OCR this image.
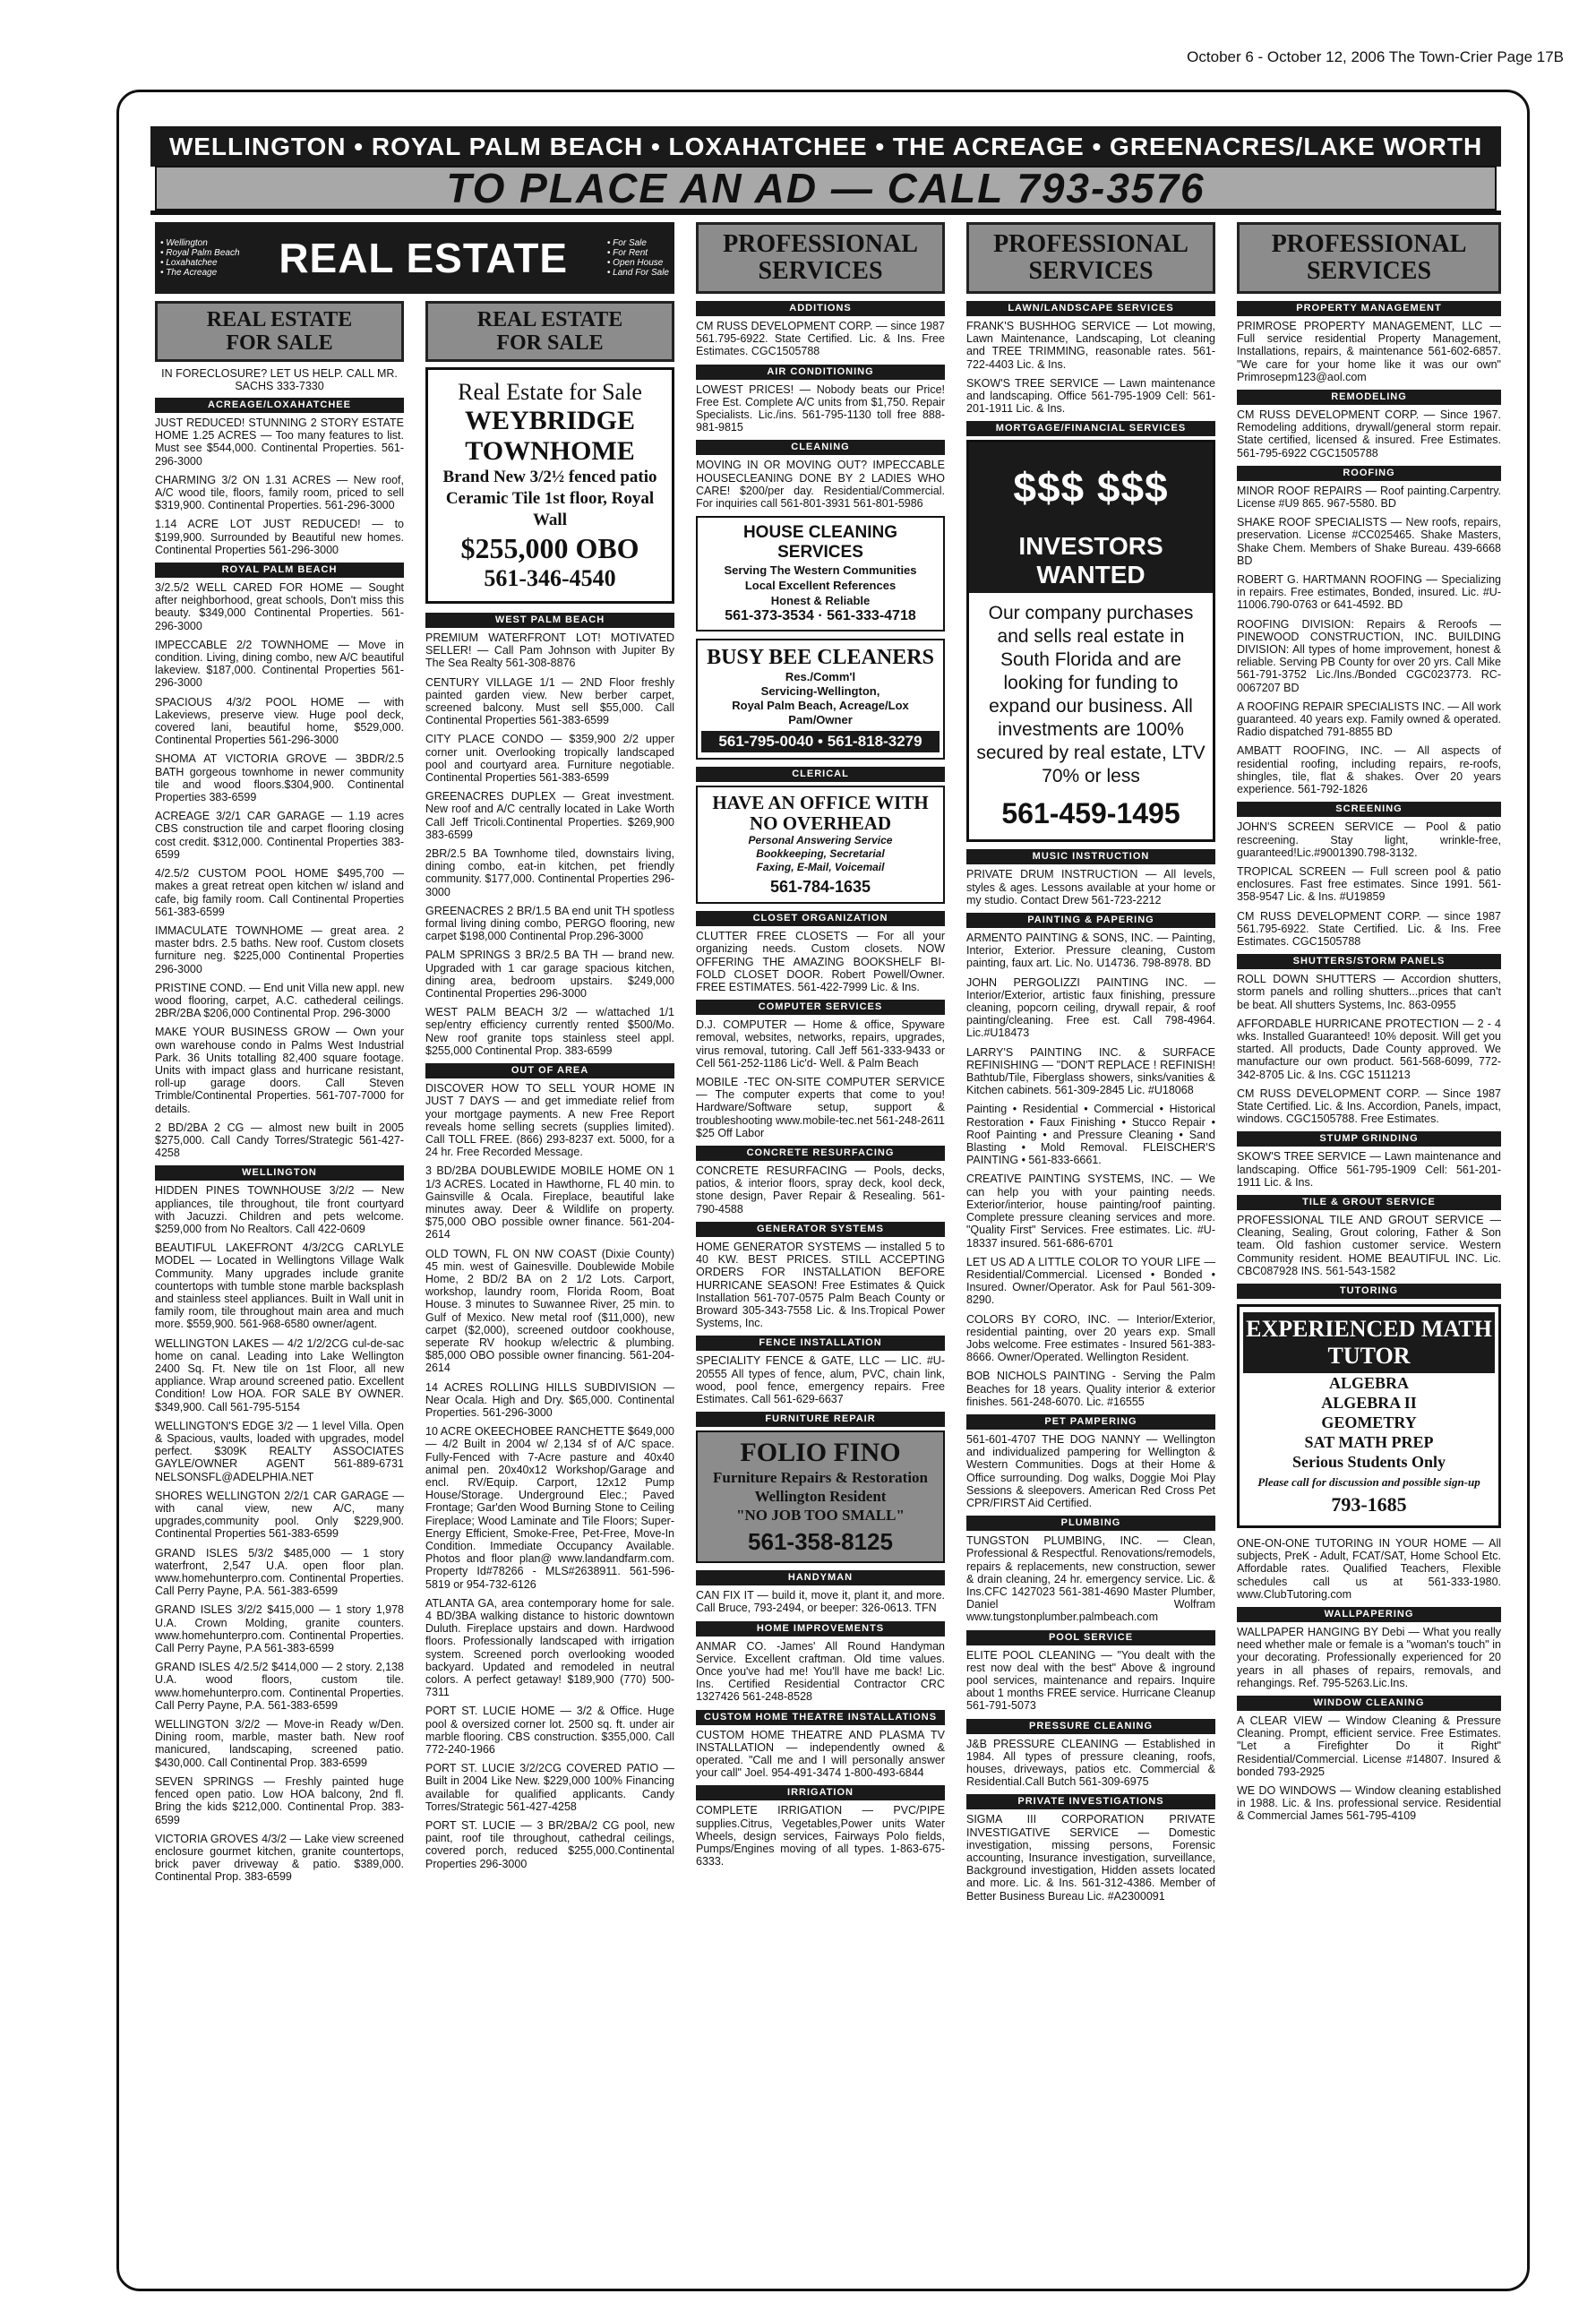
October 6 - October 12, 2006 The Town-Crier Page 17B
WELLINGTON • ROYAL PALM BEACH • LOXAHATCHEE • THE ACREAGE • GREENACRES/LAKE WORTH
TO PLACE AN AD — CALL 793-3576
• Wellington
• Royal Palm Beach
• Loxahatchee
• The Acreage	REAL ESTATE	• For Sale
• For Rent
• Open House
• Land For Sale
REAL ESTATE
FOR SALE
IN FORECLOSURE? LET US HELP. CALL MR. SACHS 333-7330
ACREAGE/LOXAHATCHEE
JUST REDUCED! STUNNING 2 STORY ESTATE HOME 1.25 ACRES — Too many features to list. Must see $544,000. Continental Properties. 561-296-3000
CHARMING 3/2 ON 1.31 ACRES — New roof, A/C wood tile, floors, family room, priced to sell $319,900. Continental Properties. 561-296-3000
1.14 ACRE LOT JUST REDUCED! — to $199,900. Surrounded by Beautiful new homes. Continental Properties 561-296-3000
ROYAL PALM BEACH
3/2.5/2 WELL CARED FOR HOME — Sought after neighborhood, great schools, Don't miss this beauty. $349,000 Continental Properties. 561-296-3000
IMPECCABLE 2/2 TOWNHOME — Move in condition. Living, dining combo, new A/C beautiful lakeview. $187,000. Continental Properties 561-296-3000
SPACIOUS 4/3/2 POOL HOME — with Lakeviews, preserve view. Huge pool deck, covered lani, beautiful home, $529,000. Continental Properties 561-296-3000
SHOMA AT VICTORIA GROVE — 3BDR/2.5 BATH gorgeous townhome in newer community tile and wood floors.$304,900. Continental Properties 383-6599
ACREAGE 3/2/1 CAR GARAGE — 1.19 acres CBS construction tile and carpet flooring closing cost credit. $312,000. Continental Properties 383-6599
4/2.5/2 CUSTOM POOL HOME $495,700 — makes a great retreat open kitchen w/ island and cafe, big family room. Call Continental Properties 561-383-6599
IMMACULATE TOWNHOME — great area. 2 master bdrs. 2.5 baths. New roof. Custom closets furniture neg. $225,000 Continental Properties 296-3000
PRISTINE COND. — End unit Villa new appl. new wood flooring, carpet, A.C. cathederal ceilings. 2BR/2BA $206,000 Continental Prop. 296-3000
MAKE YOUR BUSINESS GROW — Own your own warehouse condo in Palms West Industrial Park. 36 Units totalling 82,400 square footage. Units with impact glass and hurricane resistant, roll-up garage doors. Call Steven Trimble/Continental Properties. 561-707-7000 for details.
2 BD/2BA 2 CG — almost new built in 2005 $275,000. Call Candy Torres/Strategic 561-427-4258
WELLINGTON
HIDDEN PINES TOWNHOUSE 3/2/2 — New appliances, tile throughout, tile front courtyard with Jacuzzi. Children and pets welcome. $259,000 from No Realtors. Call 422-0609
BEAUTIFUL LAKEFRONT 4/3/2CG CARLYLE MODEL — Located in Wellingtons Village Walk Community. Many upgrades include granite countertops with tumble stone marble backsplash and stainless steel appliances. Built in Wall unit in family room, tile throughout main area and much more. $559,900. 561-968-6580 owner/agent.
WELLINGTON LAKES — 4/2 1/2/2CG cul-de-sac home on canal. Leading into Lake Wellington 2400 Sq. Ft. New tile on 1st Floor, all new appliance. Wrap around screened patio. Excellent Condition! Low HOA. FOR SALE BY OWNER. $349,900. Call 561-795-5154
WELLINGTON'S EDGE 3/2 — 1 level Villa. Open & Spacious, vaults, loaded with upgrades, model perfect. $309K REALTY ASSOCIATES GAYLE/OWNER AGENT 561-889-6731 NELSONSFL@ADELPHIA.NET
SHORES WELLINGTON 2/2/1 CAR GARAGE — with canal view, new A/C, many upgrades,community pool. Only $229,900. Continental Properties 561-383-6599
GRAND ISLES 5/3/2 $485,000 — 1 story waterfront, 2,547 U.A. open floor plan. www.homehunterpro.com. Continental Properties. Call Perry Payne, P.A. 561-383-6599
GRAND ISLES 3/2/2 $415,000 — 1 story 1,978 U.A. Crown Molding, granite counters. www.homehunterpro.com. Continental Properties. Call Perry Payne, P.A 561-383-6599
GRAND ISLES 4/2.5/2 $414,000 — 2 story. 2,138 U.A. wood floors, custom tile. www.homehunterpro.com. Continental Properties. Call Perry Payne, P.A. 561-383-6599
WELLINGTON 3/2/2 — Move-in Ready w/Den. Dining room, marble, master bath. New roof manicured, landscaping, screened patio. $430,000. Call Continental Prop. 383-6599
SEVEN SPRINGS — Freshly painted huge fenced open patio. Low HOA balcony, 2nd fl. Bring the kids $212,000. Continental Prop. 383-6599
VICTORIA GROVES 4/3/2 — Lake view screened enclosure gourmet kitchen, granite countertops, brick paver driveway & patio. $389,000. Continental Prop. 383-6599
REAL ESTATE
FOR SALE
Real Estate for Sale
WEYBRIDGE TOWNHOME
Brand New 3/2½ fenced patio
Ceramic Tile 1st floor, Royal Wall
$255,000 OBO
561-346-4540
WEST PALM BEACH
PREMIUM WATERFRONT LOT! MOTIVATED SELLER! — Call Pam Johnson with Jupiter By The Sea Realty 561-308-8876
CENTURY VILLAGE 1/1 — 2ND Floor freshly painted garden view. New berber carpet, screened balcony. Must sell $55,000. Call Continental Properties 561-383-6599
CITY PLACE CONDO — $359,900 2/2 upper corner unit. Overlooking tropically landscaped pool and courtyard area. Furniture negotiable. Continental Properties 561-383-6599
GREENACRES DUPLEX — Great investment. New roof and A/C centrally located in Lake Worth Call Jeff Tricoli.Continental Properties. $269,900 383-6599
2BR/2.5 BA Townhome tiled, downstairs living, dining combo, eat-in kitchen, pet friendly community. $177,000. Continental Properties 296-3000
GREENACRES 2 BR/1.5 BA end unit TH spotless formal living dining combo, PERGO flooring, new carpet $198,000 Continental Prop.296-3000
PALM SPRINGS 3 BR/2.5 BA TH — brand new. Upgraded with 1 car garage spacious kitchen, dining area, bedroom upstairs. $249,000 Continental Properties 296-3000
WEST PALM BEACH 3/2 — w/attached 1/1 sep/entry efficiency currently rented $500/Mo. New roof granite tops stainless steel appl. $255,000 Continental Prop. 383-6599
OUT OF AREA
DISCOVER HOW TO SELL YOUR HOME IN JUST 7 DAYS — and get immediate relief from your mortgage payments. A new Free Report reveals home selling secrets (supplies limited). Call TOLL FREE. (866) 293-8237 ext. 5000, for a 24 hr. Free Recorded Message.
3 BD/2BA DOUBLEWIDE MOBILE HOME ON 1 1/3 ACRES. Located in Hawthorne, FL 40 min. to Gainsville & Ocala. Fireplace, beautiful lake minutes away. Deer & Wildlife on property. $75,000 OBO possible owner finance. 561-204-2614
OLD TOWN, FL ON NW COAST (Dixie County) 45 min. west of Gainesville. Doublewide Mobile Home, 2 BD/2 BA on 2 1/2 Lots. Carport, workshop, laundry room, Florida Room, Boat House. 3 minutes to Suwannee River, 25 min. to Gulf of Mexico. New metal roof ($11,000), new carpet ($2,000), screened outdoor cookhouse, seperate RV hookup w/electric & plumbing. $85,000 OBO possible owner financing. 561-204-2614
14 ACRES ROLLING HILLS SUBDIVISION — Near Ocala. High and Dry. $65,000. Continental Properties. 561-296-3000
10 ACRE OKEECHOBEE RANCHETTE $649,000 — 4/2 Built in 2004 w/ 2,134 sf of A/C space. Fully-Fenced with 7-Acre pasture and 40x40 animal pen. 20x40x12 Workshop/Garage and encl. RV/Equip. Carport, 12x12 Pump House/Storage. Underground Elec.; Paved Frontage; Gar'den Wood Burning Stone to Ceiling Fireplace; Wood Laminate and Tile Floors; Super-Energy Efficient, Smoke-Free, Pet-Free, Move-In Condition. Immediate Occupancy Available. Photos and floor plan@ www.landandfarm.com. Property Id#78266 - MLS#2638911. 561-596-5819 or 954-732-6126
ATLANTA GA, area contemporary home for sale. 4 BD/3BA walking distance to historic downtown Duluth. Fireplace upstairs and down. Hardwood floors. Professionally landscaped with irrigation system. Screened porch overlooking wooded backyard. Updated and remodeled in neutral colors. A perfect getaway! $189,900 (770) 500-7311
PORT ST. LUCIE HOME — 3/2 & Office. Huge pool & oversized corner lot. 2500 sq. ft. under air marble flooring. CBS construction. $355,000. Call 772-240-1966
PORT ST. LUCIE 3/2/2CG COVERED PATIO — Built in 2004 Like New. $229,000 100% Financing available for qualified applicants. Candy Torres/Strategic 561-427-4258
PORT ST. LUCIE — 3 BR/2BA/2 CG pool, new paint, roof tile throughout, cathedral ceilings, covered porch, reduced $255,000.Continental Properties 296-3000
PROFESSIONAL
SERVICES
ADDITIONS
CM RUSS DEVELOPMENT CORP. — since 1987 561.795-6922. State Certified. Lic. & Ins. Free Estimates. CGC1505788
AIR CONDITIONING
LOWEST PRICES! — Nobody beats our Price! Free Est. Complete A/C units from $1,750. Repair Specialists. Lic./ins. 561-795-1130 toll free 888-981-9815
CLEANING
MOVING IN OR MOVING OUT? IMPECCABLE HOUSECLEANING DONE BY 2 LADIES WHO CARE! $200/per day. Residential/Commercial. For inquiries call 561-801-3931 561-801-5986
HOUSE CLEANING SERVICES
Serving The Western Communities
Local Excellent References
Honest & Reliable
561-373-3534 · 561-333-4718
BUSY BEE CLEANERS
Res./Comm'l
Servicing-Wellington,
Royal Palm Beach, Acreage/Lox
Pam/Owner
561-795-0040 • 561-818-3279
CLERICAL
HAVE AN OFFICE WITH NO OVERHEAD
Personal Answering Service
Bookkeeping, Secretarial
Faxing, E-Mail, Voicemail
561-784-1635
CLOSET ORGANIZATION
CLUTTER FREE CLOSETS — For all your organizing needs. Custom closets. NOW OFFERING THE AMAZING BOOKSHELF BI-FOLD CLOSET DOOR. Robert Powell/Owner. FREE ESTIMATES. 561-422-7999 Lic. & Ins.
COMPUTER SERVICES
D.J. COMPUTER — Home & office, Spyware removal, websites, networks, repairs, upgrades, virus removal, tutoring. Call Jeff 561-333-9433 or Cell 561-252-1186 Lic'd- Well. & Palm Beach
MOBILE -TEC ON-SITE COMPUTER SERVICE — The computer experts that come to you! Hardware/Software setup, support & troubleshooting www.mobile-tec.net 561-248-2611 $25 Off Labor
CONCRETE RESURFACING
CONCRETE RESURFACING — Pools, decks, patios, & interior floors, spray deck, kool deck, stone design, Paver Repair & Resealing. 561-790-4588
GENERATOR SYSTEMS
HOME GENERATOR SYSTEMS — installed 5 to 40 KW. BEST PRICES. STILL ACCEPTING ORDERS FOR INSTALLATION BEFORE HURRICANE SEASON! Free Estimates & Quick Installation 561-707-0575 Palm Beach County or Broward 305-343-7558 Lic. & Ins.Tropical Power Systems, Inc.
FENCE INSTALLATION
SPECIALITY FENCE & GATE, LLC — LIC. #U-20555 All types of fence, alum, PVC, chain link, wood, pool fence, emergency repairs. Free Estimates. Call 561-629-6637
FURNITURE REPAIR
FOLIO FINO
Furniture Repairs & Restoration
Wellington Resident
"NO JOB TOO SMALL"
561-358-8125
HANDYMAN
CAN FIX IT — build it, move it, plant it, and more. Call Bruce, 793-2494, or beeper: 326-0613. TFN
HOME IMPROVEMENTS
ANMAR CO. -James' All Round Handyman Service. Excellent craftman. Old time values. Once you've had me! You'll have me back! Lic. Ins. Certified Residential Contractor CRC 1327426 561-248-8528
CUSTOM HOME THEATRE INSTALLATIONS
CUSTOM HOME THEATRE AND PLASMA TV INSTALLATION — independently owned & operated. "Call me and I will personally answer your call" Joel. 954-491-3474 1-800-493-6844
IRRIGATION
COMPLETE IRRIGATION — PVC/PIPE supplies.Citrus, Vegetables,Power units Water Wheels, design services, Fairways Polo fields, Pumps/Engines moving of all types. 1-863-675-6333.
PROFESSIONAL
SERVICES
LAWN/LANDSCAPE SERVICES
FRANK'S BUSHHOG SERVICE — Lot mowing, Lawn Maintenance, Landscaping, Lot cleaning and TREE TRIMMING, reasonable rates. 561-722-4403 Lic. & Ins.
SKOW'S TREE SERVICE — Lawn maintenance and landscaping. Office 561-795-1909 Cell: 561-201-1911 Lic. & Ins.
MORTGAGE/FINANCIAL SERVICES
$$$ $$$
INVESTORS WANTED
Our company purchases and sells real estate in South Florida and are looking for funding to expand our business. All investments are 100% secured by real estate, LTV 70% or less
561-459-1495
MUSIC INSTRUCTION
PRIVATE DRUM INSTRUCTION — All levels, styles & ages. Lessons available at your home or my studio. Contact Drew 561-723-2212
PAINTING & PAPERING
ARMENTO PAINTING & SONS, INC. — Painting, Interior, Exterior. Pressure cleaning, Custom painting, faux art. Lic. No. U14736. 798-8978. BD
JOHN PERGOLIZZI PAINTING INC. — Interior/Exterior, artistic faux finishing, pressure cleaning, popcorn ceiling, drywall repair, & roof painting/cleaning. Free est. Call 798-4964. Lic.#U18473
LARRY'S PAINTING INC. & SURFACE REFINISHING — "DON'T REPLACE ! REFINISH! Bathtub/Tile, Fiberglass showers, sinks/vanities & Kitchen cabinets. 561-309-2845 Lic. #U18068
Painting • Residential • Commercial • Historical Restoration • Faux Finishing • Stucco Repair • Roof Painting • and Pressure Cleaning • Sand Blasting • Mold Removal. FLEISCHER'S PAINTING • 561-833-6661.
CREATIVE PAINTING SYSTEMS, INC. — We can help you with your painting needs. Exterior/interior, house painting/roof painting. Complete pressure cleaning services and more. "Quality First" Services. Free estimates. Lic. #U-18337 insured. 561-686-6701
LET US AD A LITTLE COLOR TO YOUR LIFE — Residential/Commercial. Licensed • Bonded • Insured. Owner/Operator. Ask for Paul 561-309-8290.
COLORS BY CORO, INC. — Interior/Exterior, residential painting, over 20 years exp. Small Jobs welcome. Free estimates - Insured 561-383-8666. Owner/Operated. Wellington Resident.
BOB NICHOLS PAINTING - Serving the Palm Beaches for 18 years. Quality interior & exterior finishes. 561-248-6070. Lic. #16555
PET PAMPERING
561-601-4707 THE DOG NANNY — Wellington and individualized pampering for Wellington & Western Communities. Dogs at their Home & Office surrounding. Dog walks, Doggie Moi Play Sessions & sleepovers. American Red Cross Pet CPR/FIRST Aid Certified.
PLUMBING
TUNGSTON PLUMBING, INC. — Clean, Professional & Respectful. Renovations/remodels, repairs & replacements, new construction, sewer & drain cleaning, 24 hr. emergency service. Lic. & Ins.CFC 1427023 561-381-4690 Master Plumber, Daniel Wolfram www.tungstonplumber.palmbeach.com
POOL SERVICE
ELITE POOL CLEANING — "You dealt with the rest now deal with the best" Above & inground pool services, maintenance and repairs. Inquire about 1 months FREE service. Hurricane Cleanup 561-791-5073
PRESSURE CLEANING
J&B PRESSURE CLEANING — Established in 1984. All types of pressure cleaning, roofs, houses, driveways, patios etc. Commercial & Residential.Call Butch 561-309-6975
PRIVATE INVESTIGATIONS
SIGMA III CORPORATION PRIVATE INVESTIGATIVE SERVICE — Domestic investigation, missing persons, Forensic accounting, Insurance investigation, surveillance, Background investigation, Hidden assets located and more. Lic. & Ins. 561-312-4386. Member of Better Business Bureau Lic. #A2300091
PROFESSIONAL
SERVICES
PROPERTY MANAGEMENT
PRIMROSE PROPERTY MANAGEMENT, LLC — Full service residential Property Management, Installations, repairs, & maintenance 561-602-6857. "We care for your home like it was our own" Primrosepm123@aol.com
REMODELING
CM RUSS DEVELOPMENT CORP. — Since 1967. Remodeling additions, drywall/general storm repair. State certified, licensed & insured. Free Estimates. 561-795-6922 CGC1505788
ROOFING
MINOR ROOF REPAIRS — Roof painting.Carpentry. License #U9 865. 967-5580. BD
SHAKE ROOF SPECIALISTS — New roofs, repairs, preservation. License #CC025465. Shake Masters, Shake Chem. Members of Shake Bureau. 439-6668 BD
ROBERT G. HARTMANN ROOFING — Specializing in repairs. Free estimates, Bonded, insured. Lic. #U-11006.790-0763 or 641-4592. BD
ROOFING DIVISION: Repairs & Reroofs — PINEWOOD CONSTRUCTION, INC. BUILDING DIVISION: All types of home improvement, honest & reliable. Serving PB County for over 20 yrs. Call Mike 561-791-3752 Lic./Ins./Bonded CGC023773. RC-0067207 BD
A ROOFING REPAIR SPECIALISTS INC. — All work guaranteed. 40 years exp. Family owned & operated. Radio dispatched 791-8855 BD
AMBATT ROOFING, INC. — All aspects of residential roofing, including repairs, re-roofs, shingles, tile, flat & shakes. Over 20 years experience. 561-792-1826
SCREENING
JOHN'S SCREEN SERVICE — Pool & patio rescreening. Stay light, wrinkle-free, guaranteed!Lic.#9001390.798-3132.
TROPICAL SCREEN — Full screen pool & patio enclosures. Fast free estimates. Since 1991. 561-358-9547 Lic. & Ins. #U19859
CM RUSS DEVELOPMENT CORP. — since 1987 561.795-6922. State Certified. Lic. & Ins. Free Estimates. CGC1505788
SHUTTERS/STORM PANELS
ROLL DOWN SHUTTERS — Accordion shutters, storm panels and rolling shutters...prices that can't be beat. All shutters Systems, Inc. 863-0955
AFFORDABLE HURRICANE PROTECTION — 2 - 4 wks. Installed Guaranteed! 10% deposit. Will get you started. All products, Dade County approved. We manufacture our own product. 561-568-6099, 772-342-8705 Lic. & Ins. CGC 1511213
CM RUSS DEVELOPMENT CORP. — Since 1987 State Certified. Lic. & Ins. Accordion, Panels, impact, windows. CGC1505788. Free Estimates.
STUMP GRINDING
SKOW'S TREE SERVICE — Lawn maintenance and landscaping. Office 561-795-1909 Cell: 561-201-1911 Lic. & Ins.
TILE & GROUT SERVICE
PROFESSIONAL TILE AND GROUT SERVICE — Cleaning, Sealing, Grout coloring, Father & Son team. Old fashion customer service. Western Community resident. HOME BEAUTIFUL INC. Lic. CBC087928 INS. 561-543-1582
TUTORING
EXPERIENCED MATH TUTOR
ALGEBRA
ALGEBRA II
GEOMETRY
SAT MATH PREP
Serious Students Only
Please call for discussion and possible sign-up
793-1685
ONE-ON-ONE TUTORING IN YOUR HOME — All subjects, PreK - Adult, FCAT/SAT, Home School Etc. Affordable rates. Qualified Teachers, Flexible schedules call us at 561-333-1980. www.ClubTutoring.com
WALLPAPERING
WALLPAPER HANGING BY Debi — What you really need whether male or female is a "woman's touch" in your decorating. Professionally experienced for 20 years in all phases of repairs, removals, and rehangings. Ref. 795-5263.Lic.Ins.
WINDOW CLEANING
A CLEAR VIEW — Window Cleaning & Pressure Cleaning. Prompt, efficient service. Free Estimates. "Let a Firefighter Do it Right" Residential/Commercial. License #14807. Insured & bonded 793-2925
WE DO WINDOWS — Window cleaning established in 1988. Lic. & Ins. professional service. Residential & Commercial James 561-795-4109
